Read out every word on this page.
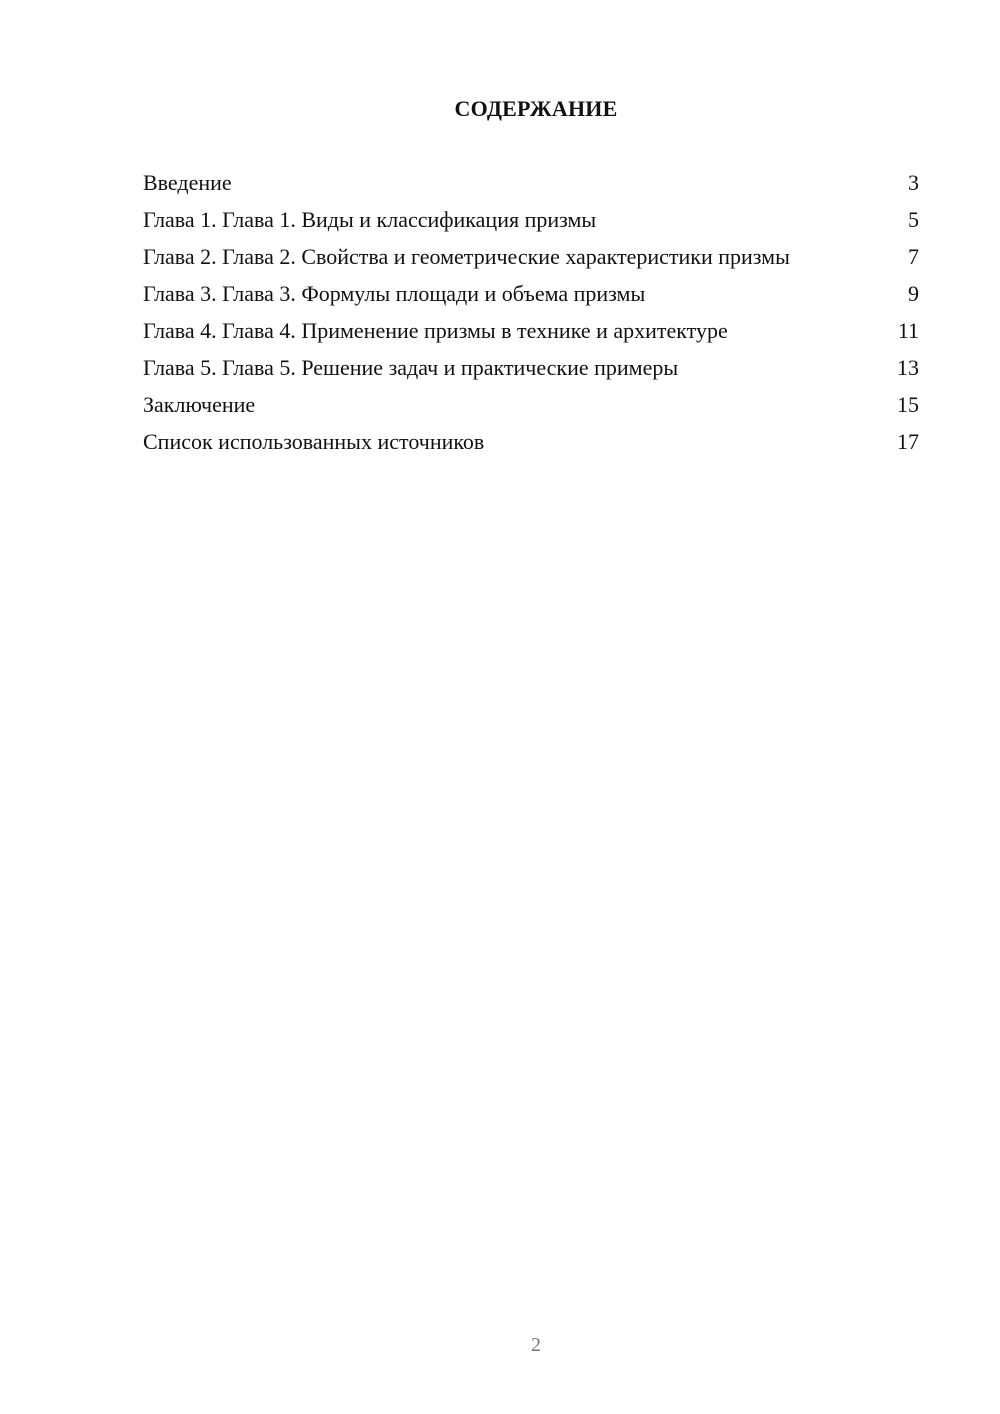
СОДЕРЖАНИЕ
Введение	3
Глава 1. Глава 1. Виды и классификация призмы	5
Глава 2. Глава 2. Свойства и геометрические характеристики призмы	7
Глава 3. Глава 3. Формулы площади и объема призмы	9
Глава 4. Глава 4. Применение призмы в технике и архитектуре	11
Глава 5. Глава 5. Решение задач и практические примеры	13
Заключение	15
Список использованных источников	17
2
